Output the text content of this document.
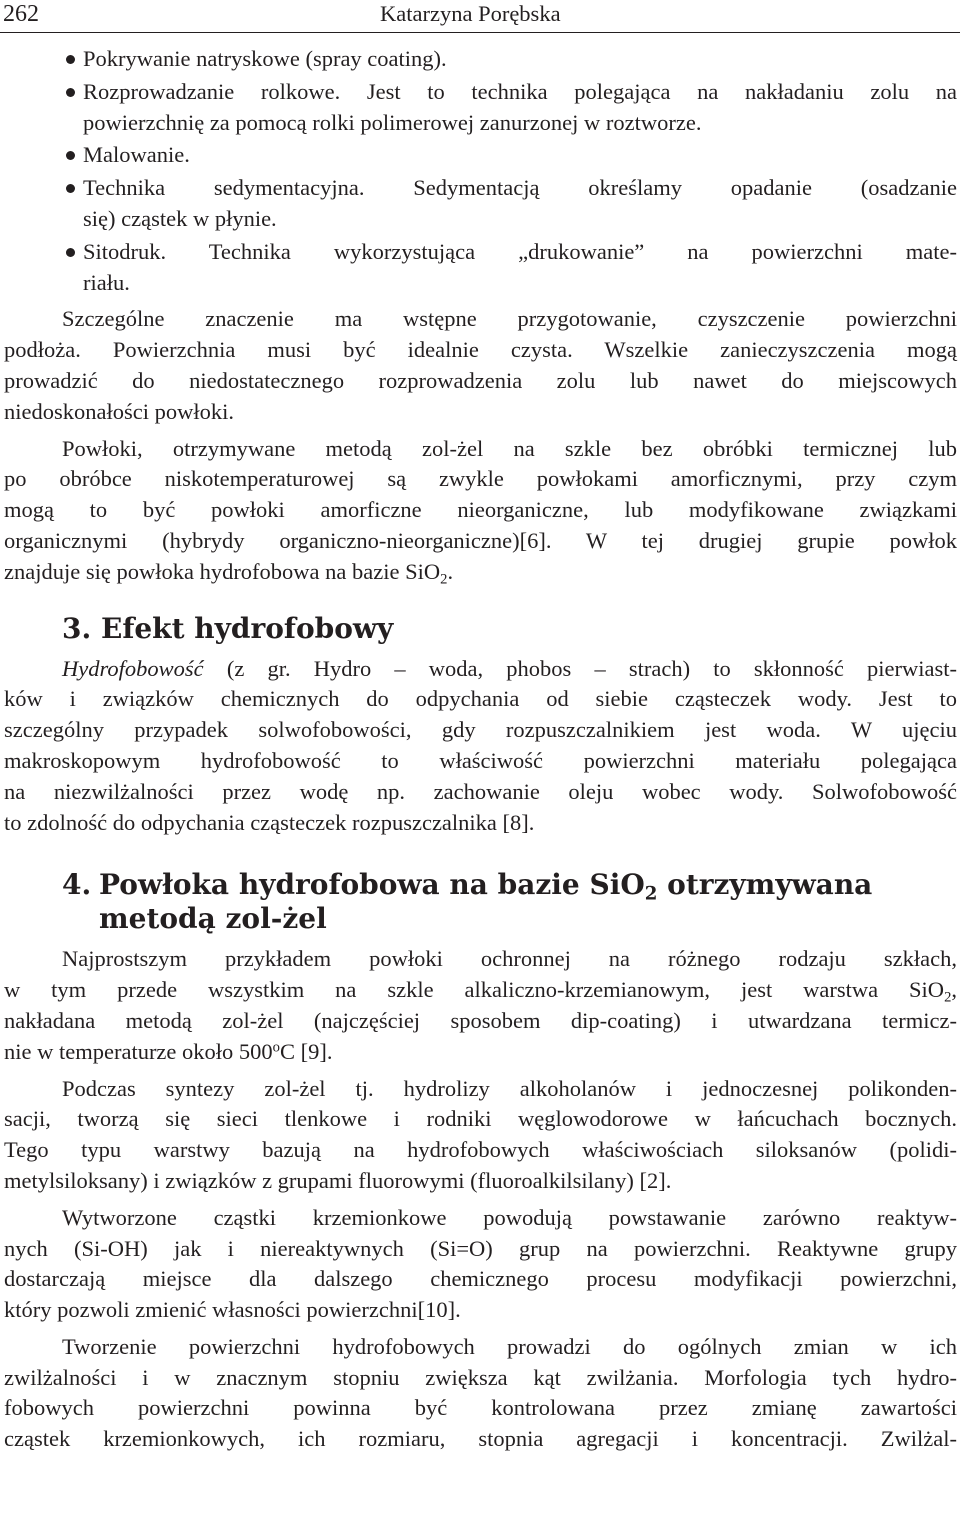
262	Katarzyna Porębska
Pokrywanie natryskowe (spray coating).
Rozprowadzanie rolkowe. Jest to technika polegająca na nakładaniu zolu na
powierzchnię za pomocą rolki polimerowej zanurzonej w roztworze.
Malowanie.
Technika sedymentacyjna. Sedymentacją określamy opadanie (osadzanie
się) cząstek w płynie.
Sitodruk. Technika wykorzystująca „drukowanie” na powierzchni mate-
riału.
Szczególne znaczenie ma wstępne przygotowanie, czyszczenie powierzchni
podłoża. Powierzchnia musi być idealnie czysta. Wszelkie zanieczyszczenia mogą
prowadzić do niedostatecznego rozprowadzenia zolu lub nawet do miejscowych
niedoskonałości powłoki.
Powłoki, otrzymywane metodą zol-żel na szkle bez obróbki termicznej lub
po obróbce niskotemperaturowej są zwykle powłokami amorficznymi, przy czym
mogą to być powłoki amorficzne nieorganiczne, lub modyfikowane związkami
organicznymi (hybrydy organiczno-nieorganiczne)[6]. W tej drugiej grupie powłok
znajduje się powłoka hydrofobowa na bazie SiO$_2$.
3. Efekt hydrofobowy
Hydrofobowość (z gr. Hydro – woda, phobos – strach) to skłonność pierwiast-
ków i związków chemicznych do odpychania od siebie cząsteczek wody. Jest to
szczególny przypadek solwofobowości, gdy rozpuszczalnikiem jest woda. W ujęciu
makroskopowym hydrofobowość to właściwość powierzchni materiału polegająca
na niezwilżalności przez wodę np. zachowanie oleju wobec wody. Solwofobowość
to zdolność do odpychania cząsteczek rozpuszczalnika [8].
4. Powłoka hydrofobowa na bazie SiO$_2$ otrzymywana
metodą zol-żel
Najprostszym przykładem powłoki ochronnej na różnego rodzaju szkłach,
w tym przede wszystkim na szkle alkaliczno-krzemianowym, jest warstwa SiO$_2$,
nakładana metodą zol-żel (najczęściej sposobem dip-coating) i utwardzana termicz-
nie w temperaturze około 500$^o$C [9].
Podczas syntezy zol-żel tj. hydrolizy alkoholanów i jednoczesnej polikonden-
sacji, tworzą się sieci tlenkowe i rodniki węglowodorowe w łańcuchach bocznych.
Tego typu warstwy bazują na hydrofobowych właściwościach siloksanów (polidi-
metylsiloksany) i związków z grupami fluorowymi (fluoroalkilsilany) [2].
Wytworzone cząstki krzemionkowe powodują powstawanie zarówno reaktyw-
nych (Si-OH) jak i niereaktywnych (Si=O) grup na powierzchni. Reaktywne grupy
dostarczają miejsce dla dalszego chemicznego procesu modyfikacji powierzchni,
który pozwoli zmienić własności powierzchni[10].
Tworzenie powierzchni hydrofobowych prowadzi do ogólnych zmian w ich
zwilżalności i w znacznym stopniu zwiększa kąt zwilżania. Morfologia tych hydro-
fobowych powierzchni powinna być kontrolowana przez zmianę zawartości
cząstek krzemionkowych, ich rozmiaru, stopnia agregacji i koncentracji. Zwilżal-
